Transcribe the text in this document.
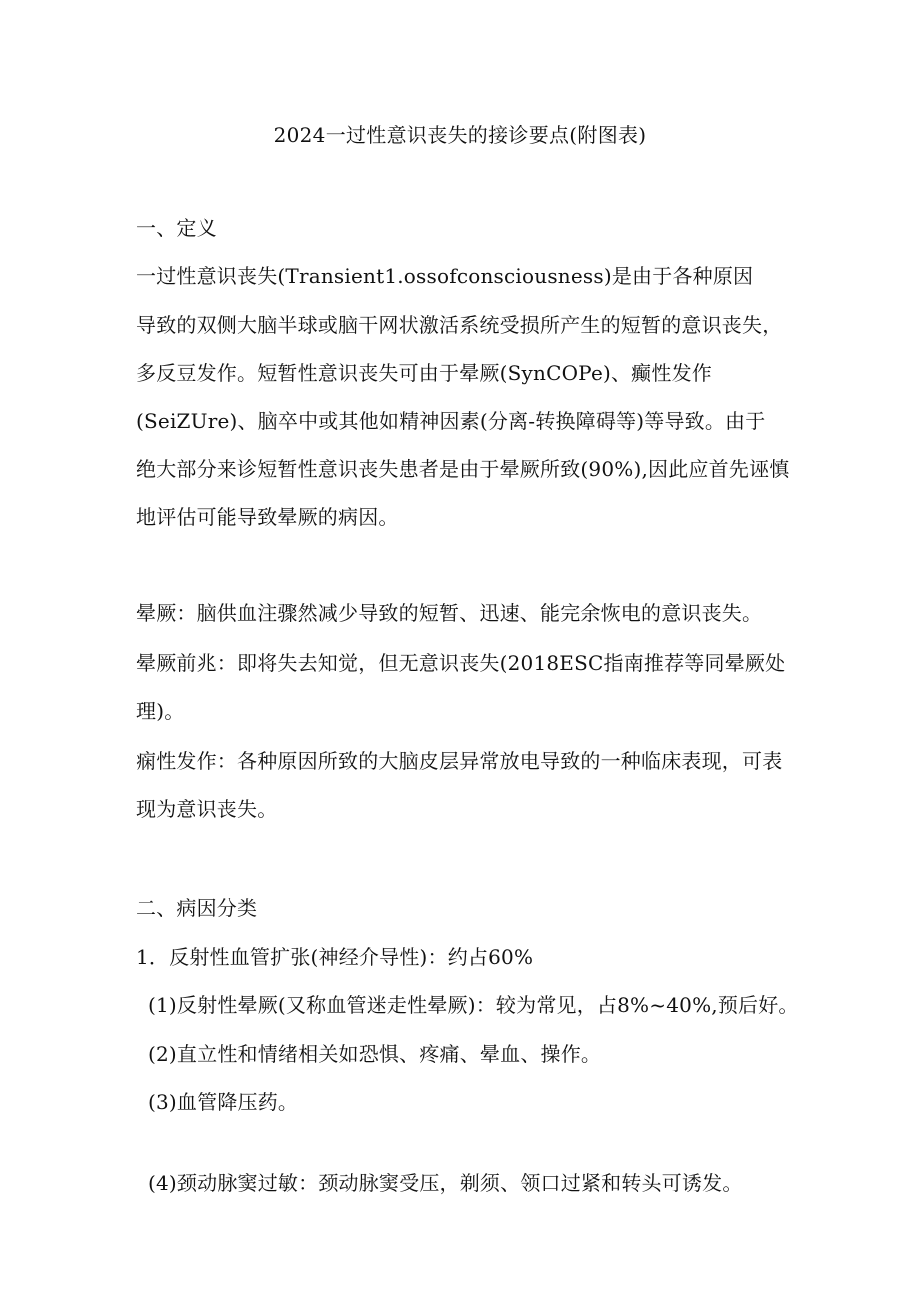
2024一过性意识丧失的接诊要点(附图表)
一、定义
一过性意识丧失(Transient1.ossofconsciousness)是由于各种原因
导致的双侧大脑半球或脑干网状激活系统受损所产生的短暂的意识丧失，
多反豆发作。短暂性意识丧失可由于晕厥(SynCOPe)、癫性发作
(SeiZUre)、脑卒中或其他如精神因素(分离-转换障碍等)等导致。由于
绝大部分来诊短暂性意识丧失患者是由于晕厥所致(90%),因此应首先诬慎
地评估可能导致晕厥的病因。
晕厥：脑供血注骤然减少导致的短暂、迅速、能完余恢电的意识丧失。
晕厥前兆：即将失去知觉，但无意识丧失(2018ESC指南推荐等同晕厥处
理)。
痫性发作：各种原因所致的大脑皮层异常放电导致的一种临床表现，可表
现为意识丧失。
二、病因分类
1．反射性血管扩张(神经介导性)：约占60%
(1)反射性晕厥(又称血管迷走性晕厥)：较为常见，占8%~40%,预后好。
(2)直立性和情绪相关如恐惧、疼痛、晕血、操作。
(3)血管降压药。
(4)颈动脉窦过敏：颈动脉窦受压，剃须、领口过紧和转头可诱发。
